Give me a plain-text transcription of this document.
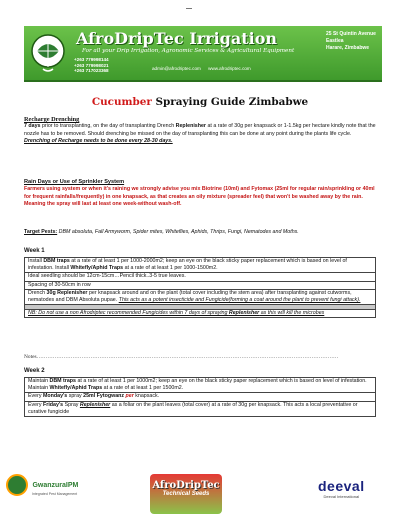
AfroDripTec Irrigation
For all your Drip Irrigation, Agronomic Services & Agricultural Equipment
+263 779998144
+263 779998021
+263 717023368	admin@afrodriptec.com www.afrodriptec.com
25 St Quintin Avenue
Eastlea
Harare, Zimbabwe
Cucumber Spraying Guide Zimbabwe
Recharge Drenching
7 days prior to transplanting, on the day of transplanting Drench Replenisher at a rate of 30g per knapsack or 1-1.5kg per hectare kindly note that the nozzle has to be removed. Should drenching be missed on the day of transplanting this can be done at any point during the plants life cycle. Drenching of Recharge needs to be done every 28-30 days.
Rain Days or Use of Sprinkler System
Farmers using system or when it's raining we strongly advise you mix Biotrine (10ml) and Fytomax (25ml for regular rain/sprinkling or 40ml for frequent rainfalls/frequently) in one knapsack, as that creates an oily mixture (spreader feel) that won't be washed away by the rain. Meaning the spray will last at least one week-without wash-off.
Target Pests: DBM absoluta, Fall Armyworm, Spider mites, Whiteflies, Aphids, Thrips, Fungi, Nematodes and Moths.
Week 1
Install DBM traps at a rate of at least 1 per 1000-2000m2; keep an eye on the black sticky paper replacement which is based on level of infestation. Install Whitefly/Aphid Traps at a rate of at least 1 per 1000-1500m2.
Ideal seedling should be 12cm-15cm…Pencil thick..3-5 true leaves.
Spacing of 30-50cm in row
Drench 30g Replenisher per knapsack around and on the plant (total cover including the stem area) after transplanting against cutworms, nematodes and DBM Absoluta pupae. This acts as a potent insecticide and Fungicide(forming a coat around the plant to prevent fungi attack).

NB: Do not use a non Afrodriptec recommended Fungicides within 7 days of spraying Replenisher as this will kill the microbes
Notes……………………………………………………………………………………………………………………………………………………
Week 2
Maintain DBM traps at a rate of at least 1 per 1000m2; keep an eye on the black sticky paper replacement which is based on level of infestation. Maintain Whitefly/Aphid Traps at a rate of at least 1 per 1500m2.
Every Monday's spray 25ml Fytogwanz per knapsack.
Every Friday's Spray Replenisher as a foliar on the plant leaves (total cover) at a rate of 30g per knapsack. This acts a local preventative or curative fungicide
GwanzuraIPM
Integrated Pest Management
AfroDripTec
Technical Seeds	deeval
Deeval International
